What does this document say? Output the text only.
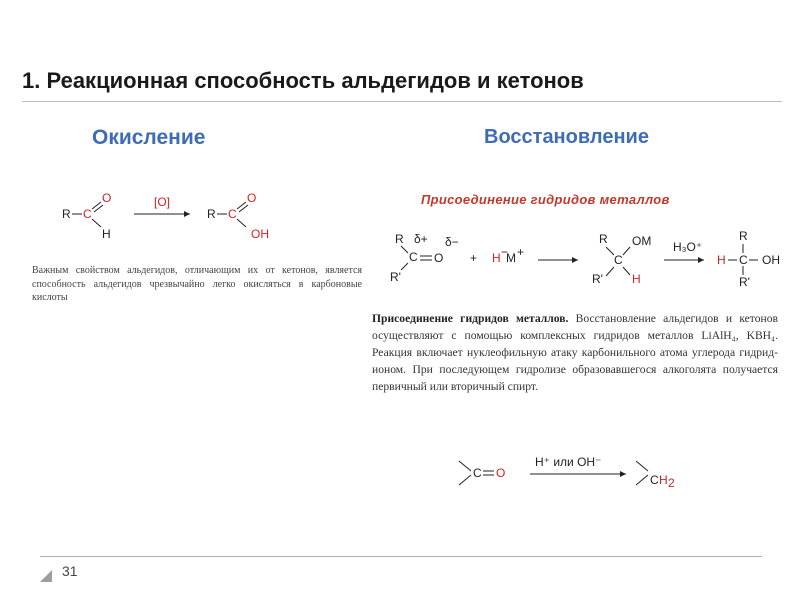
1. Реакционная способность альдегидов и кетонов
Окисление	Восстановление
Присоединение гидридов металлов
R C
O
H
[O]
R C
O
OH	R δ+
C O
δ−
R'
+ H −
M +
R
C
OM
R' H
H₃O⁺
R
H C OH
R'
C O
H⁺ или OH⁻
C H 2
Важным свойством альдегидов, отличающим их от кетонов, является способность альдегидов чрезвычайно легко окисляться в карбоновые кислоты
Присоединение гидридов металлов. Восстановление альдегидов и кетонов осуществляют с помощью комплексных гидридов металлов LiAlH₄, KBH₄. Реакция включает нуклеофильную атаку карбонильного атома углерода гидрид-ионом. При последующем гидролизе образовавшегося алкоголята получается первичный или вторичный спирт.
31
